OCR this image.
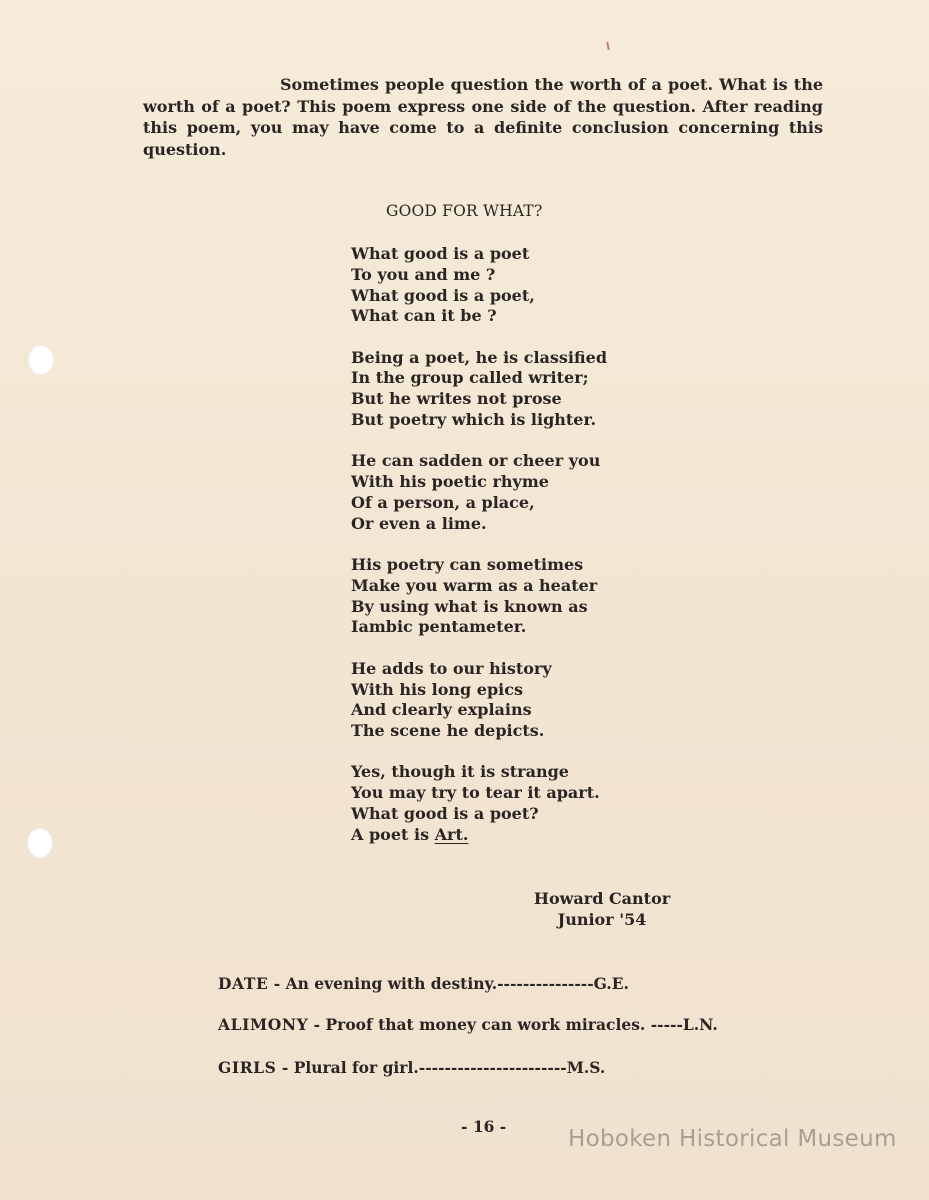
Sometimes people question the worth of a poet. What is the worth of a poet? This poem express one side of the question. After reading this poem, you may have come to a definite conclusion concerning this question.

GOOD FOR WHAT?
What good is a poet
To you and me ?
What good is a poet,
What can it be ?
Being a poet, he is classified
In the group called writer;
But he writes not prose
But poetry which is lighter.
He can sadden or cheer you
With his poetic rhyme
Of a person, a place,
Or even a lime.
His poetry can sometimes
Make you warm as a heater
By using what is known as
Iambic pentameter.
He adds to our history
With his long epics
And clearly explains
The scene he depicts.
Yes, though it is strange
You may try to tear it apart.
What good is a poet?
A poet is Art.
Howard Cantor
Junior '54
DATE - An evening with destiny.---------------G.E.
ALIMONY - Proof that money can work miracles. -----L.N.
GIRLS - Plural for girl.-----------------------M.S.
- 16 -	Hoboken Historical Museum
